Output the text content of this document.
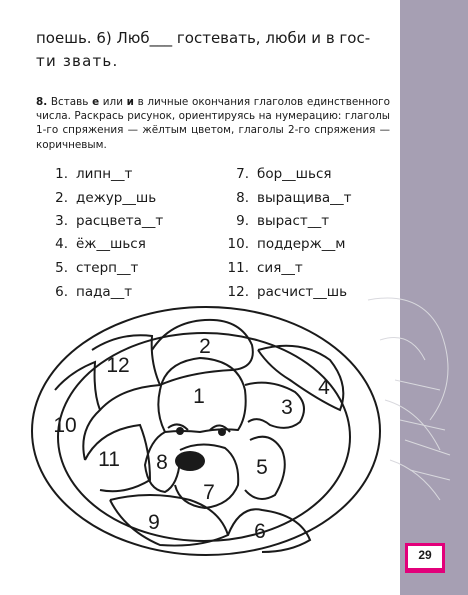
29
поешь. 6) Люб___ гостевать, люби и в гос-
ти звать.
8. Вставь е или и в личные окончания глаголов единственного числа. Раскрась рисунок, ориентируясь на нумерацию: глаголы 1-го спряжения — жёлтым цветом, глаголы 2-го спряжения — коричневым.
1. липн__т
2. дежур__шь
3. расцвета__т
4. ёж__шься
5. стерп__т
6. пада__т
7. бор__шься
8. выращива__т
9. выраст__т
10. поддерж__м
11. сия__т
12. расчист__шь
1
2
3
4
5
6
7
8
9
10
11
12
